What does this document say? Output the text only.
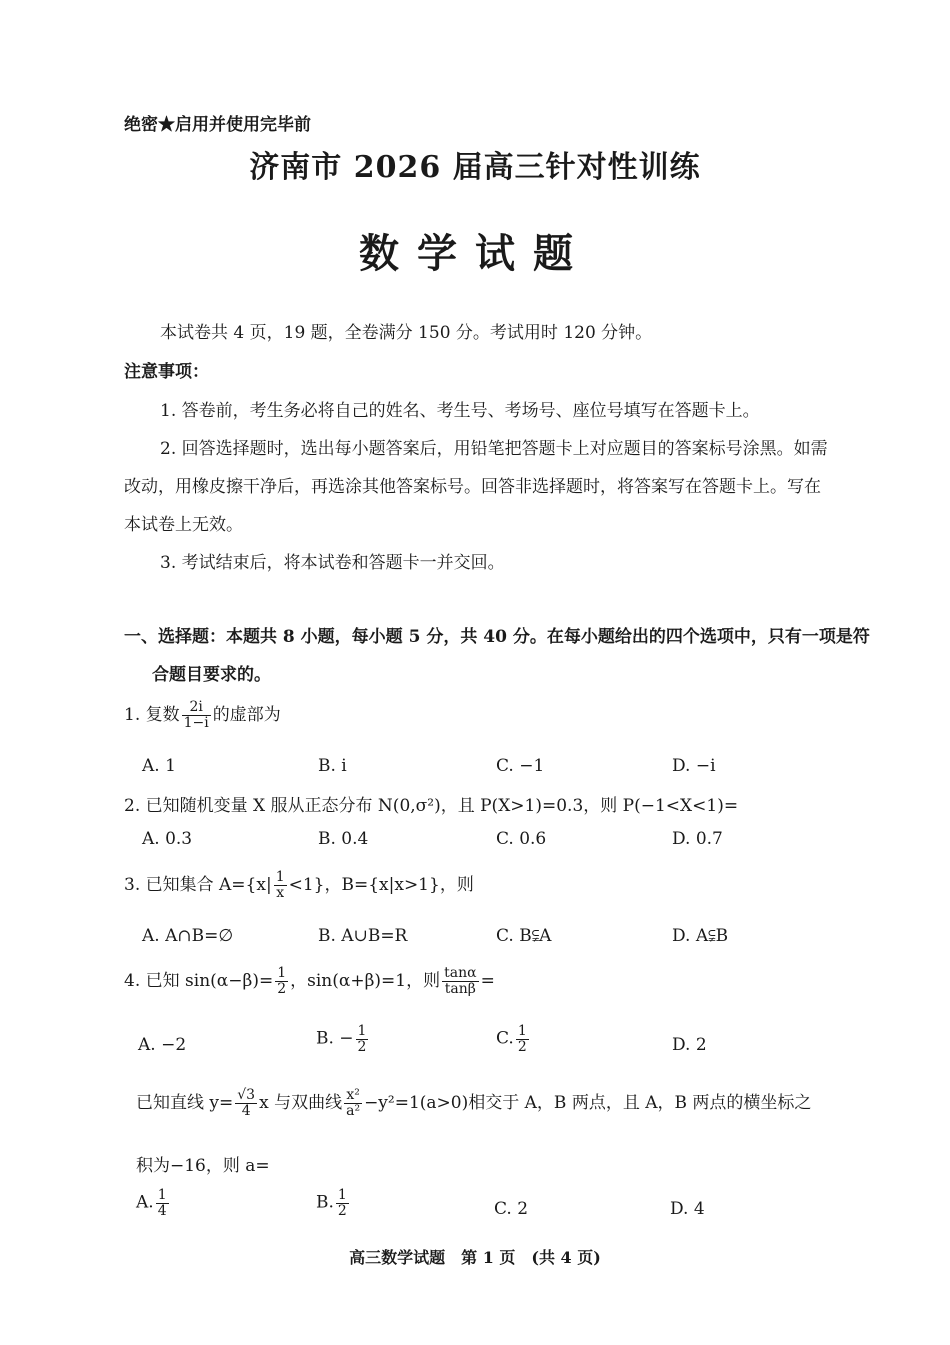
绝密★启用并使用完毕前
济南市 2026 届高三针对性训练
数学试题
本试卷共 4 页，19 题，全卷满分 150 分。考试用时 120 分钟。
注意事项：
1. 答卷前，考生务必将自己的姓名、考生号、考场号、座位号填写在答题卡上。
2. 回答选择题时，选出每小题答案后，用铅笔把答题卡上对应题目的答案标号涂黑。如需
改动，用橡皮擦干净后，再选涂其他答案标号。回答非选择题时，将答案写在答题卡上。写在
本试卷上无效。
3. 考试结束后，将本试卷和答题卡一并交回。
一、选择题：本题共 8 小题，每小题 5 分，共 40 分。在每小题给出的四个选项中，只有一项是符
合题目要求的。
1. 复数 $\frac{2i}{1-i}$ 的虚部为
A. 1	B. i	C. −1	D. −i
2. 已知随机变量 X 服从正态分布 N(0,σ²)，且 P(X>1)=0.3，则 P(−1<X<1)=
A. 0.3	B. 0.4	C. 0.6	D. 0.7
3. 已知集合 $A=\{x| \frac{1}{x} <1\}$，B={x|x>1}，则
A. A∩B=∅	B. A∪B=R	C. B⫋A	D. A⫋B
4. 已知 $\sin(\alpha-\beta)= \frac{1}{2}$ ，sin(α+β)=1，则 $\frac{\tan\alpha}{\tan\beta}$ =
A. −2	B. − $\frac{1}{2}$	C. $\frac{1}{2}$	D. 2
已知直线 $y= \frac{√3}{4}$ x 与双曲线 $\frac{\text{x²}}{\text{a²}} -y^2=1(a>0)$相交于 A，B 两点，且 A，B 两点的横坐标之
积为−16，则 a=
A. $\frac{1}{4}$	B. $\frac{1}{2}$	C. 2	D. 4
高三数学试题　第 1 页　(共 4 页)
